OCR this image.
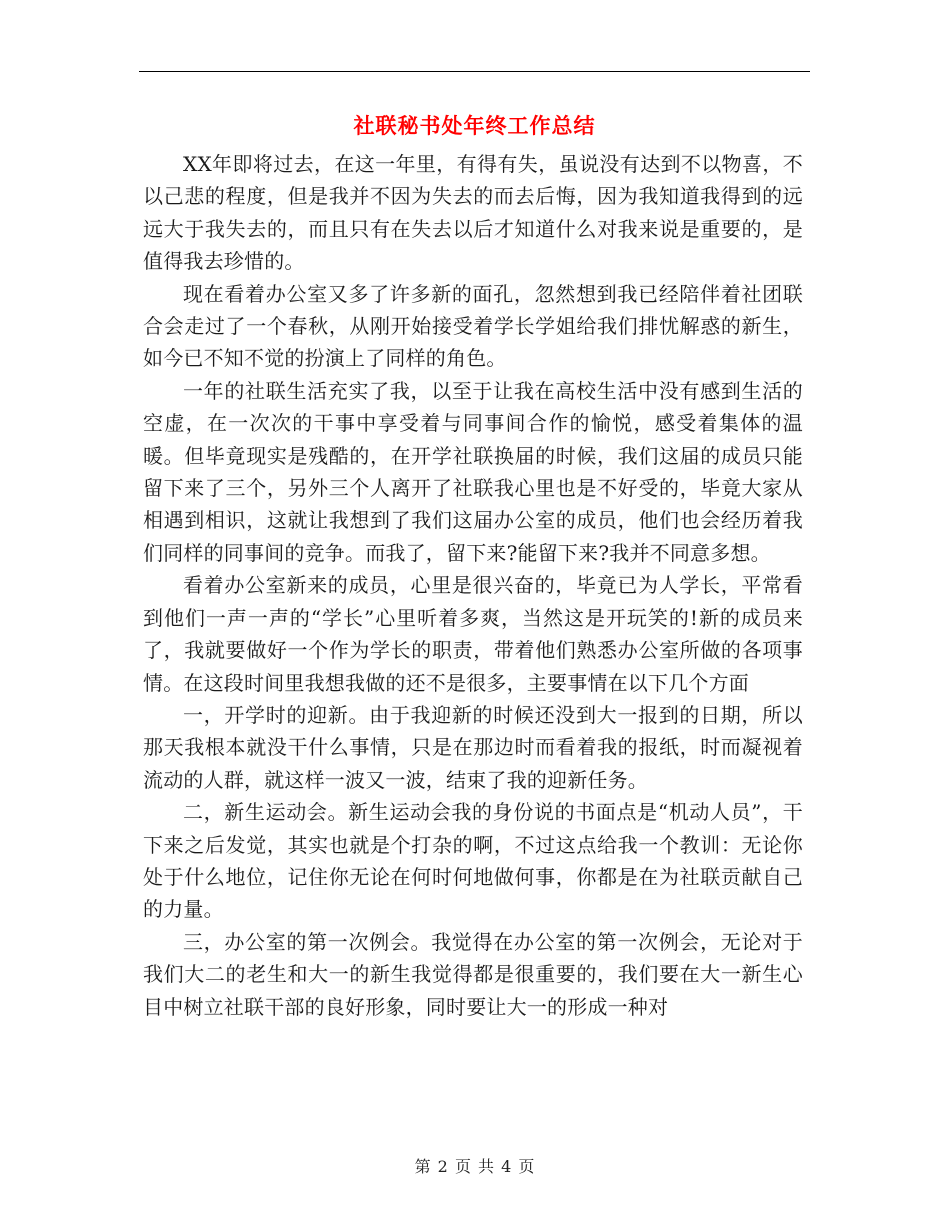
社联秘书处年终工作总结

XX年即将过去，在这一年里，有得有失，虽说没有达到不以物喜，不以己悲的程度，但是我并不因为失去的而去后悔，因为我知道我得到的远远大于我失去的，而且只有在失去以后才知道什么对我来说是重要的，是值得我去珍惜的。

现在看着办公室又多了许多新的面孔，忽然想到我已经陪伴着社团联合会走过了一个春秋，从刚开始接受着学长学姐给我们排忧解惑的新生，如今已不知不觉的扮演上了同样的角色。

一年的社联生活充实了我，以至于让我在高校生活中没有感到生活的空虚，在一次次的干事中享受着与同事间合作的愉悦，感受着集体的温暖。但毕竟现实是残酷的，在开学社联换届的时候，我们这届的成员只能留下来了三个，另外三个人离开了社联我心里也是不好受的，毕竟大家从相遇到相识，这就让我想到了我们这届办公室的成员，他们也会经历着我们同样的同事间的竞争。而我了，留下来?能留下来?我并不同意多想。

看着办公室新来的成员，心里是很兴奋的，毕竟已为人学长，平常看到他们一声一声的“学长”心里听着多爽，当然这是开玩笑的!新的成员来了，我就要做好一个作为学长的职责，带着他们熟悉办公室所做的各项事情。在这段时间里我想我做的还不是很多，主要事情在以下几个方面

一，开学时的迎新。由于我迎新的时候还没到大一报到的日期，所以那天我根本就没干什么事情，只是在那边时而看着我的报纸，时而凝视着流动的人群，就这样一波又一波，结束了我的迎新任务。

二，新生运动会。新生运动会我的身份说的书面点是“机动人员”，干下来之后发觉，其实也就是个打杂的啊，不过这点给我一个教训：无论你处于什么地位，记住你无论在何时何地做何事，你都是在为社联贡献自己的力量。

三，办公室的第一次例会。我觉得在办公室的第一次例会，无论对于我们大二的老生和大一的新生我觉得都是很重要的，我们要在大一新生心目中树立社联干部的良好形象，同时要让大一的形成一种对

第 2 页 共 4 页
